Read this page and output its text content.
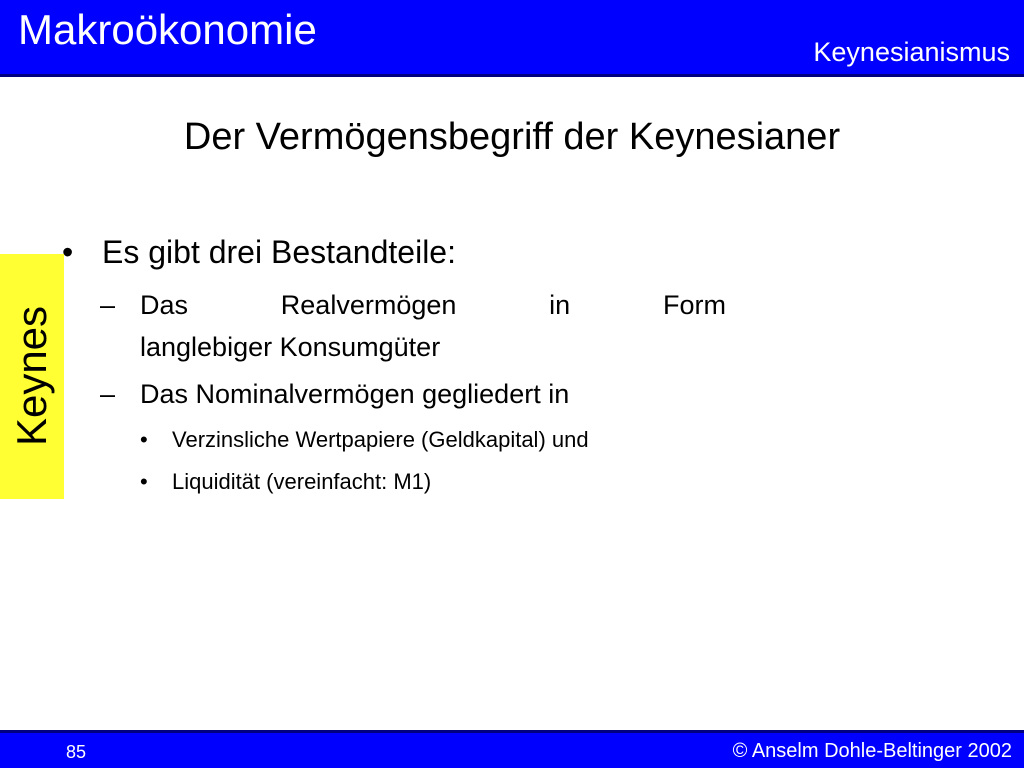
Makroökonomie	Keynesianismus
Der Vermögensbegriff der Keynesianer
Keynes
• Es gibt drei Bestandteile:
– Das	Realvermögen	in	Form
langlebiger Konsumgüter
– Das Nominalvermögen gegliedert in
• Verzinsliche Wertpapiere (Geldkapital) und
• Liquidität (vereinfacht: M1)
85	© Anselm Dohle-Beltinger 2002
